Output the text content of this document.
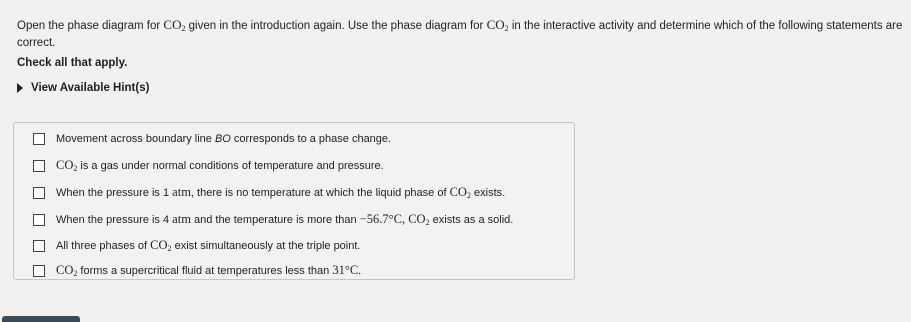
Open the phase diagram for $CO_2$ given in the introduction again. Use the phase diagram for $CO_2$ in the interactive activity and determine which of the following statements are correct.
Check all that apply.
View Available Hint(s)
Movement across boundary line BO corresponds to a phase change.
$CO_2$ is a gas under normal conditions of temperature and pressure.
When the pressure is 1 atm, there is no temperature at which the liquid phase of $CO_2$ exists.
When the pressure is 4 atm and the temperature is more than −56.7°C, $CO_2$ exists as a solid.
All three phases of $CO_2$ exist simultaneously at the triple point.
$CO_2$ forms a supercritical fluid at temperatures less than 31°C.
